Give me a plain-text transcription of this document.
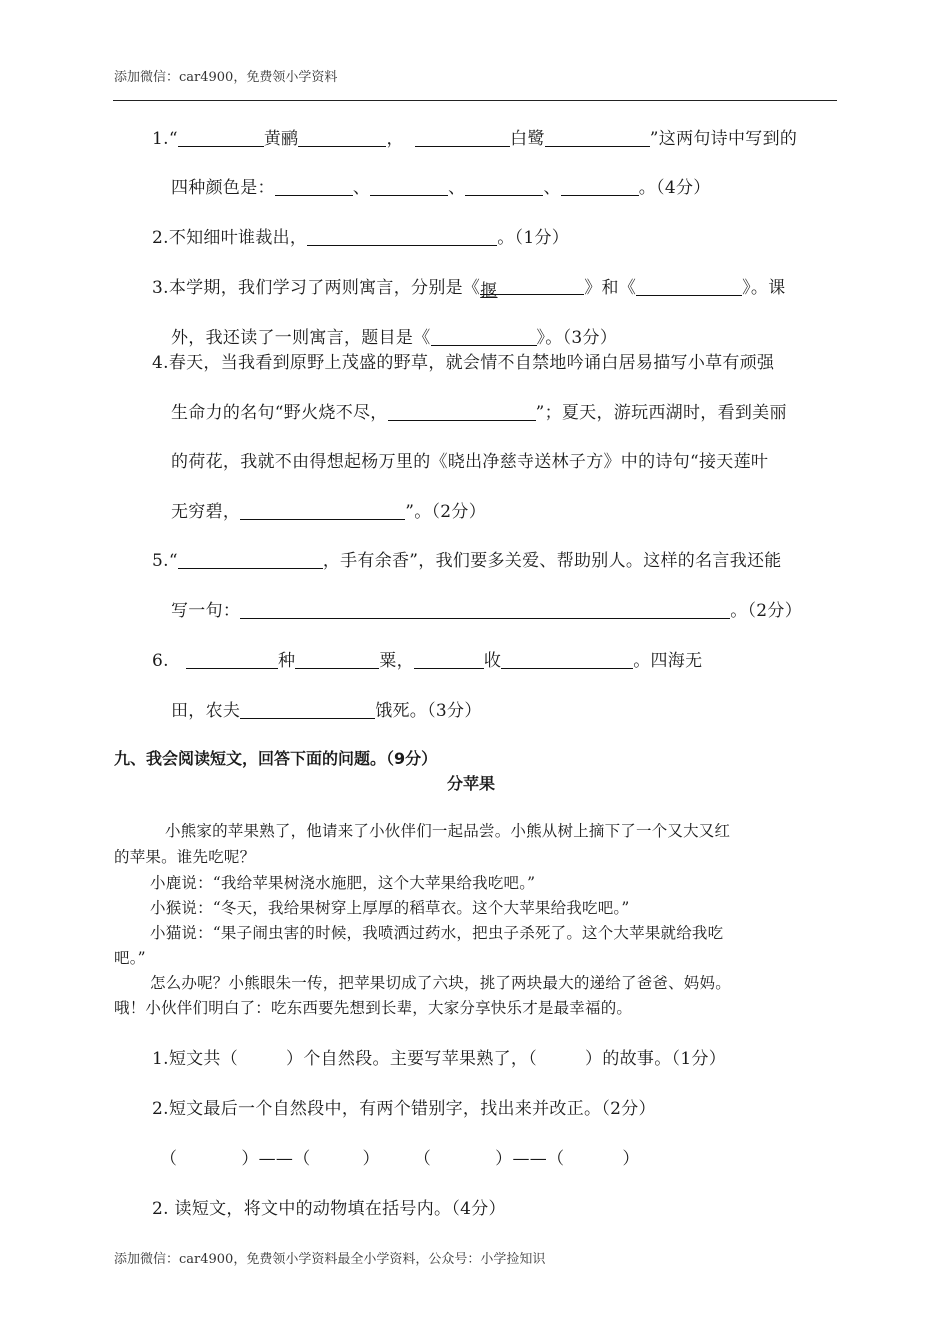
添加微信：car4900，免费领小学资料
1.“	黄鹂	，	白鹭	”这两句诗中写到的
四种颜色是：	、	、	、	。（4分）
2.不知细叶谁裁出，	。（1分）
3.本学期，我们学习了两则寓言，分别是《揠	》和《	》。课
外，我还读了一则寓言，题目是《	》。（3分）
4.春天，当我看到原野上茂盛的野草，就会情不自禁地吟诵白居易描写小草有顽强
生命力的名句“野火烧不尽，	”；夏天，游玩西湖时，看到美丽
的荷花，我就不由得想起杨万里的《晓出净慈寺送林子方》中的诗句“接天莲叶
无穷碧，	”。（2分）
5.“	，手有余香”，我们要多关爱、帮助别人。这样的名言我还能
写一句：	。（2分）
6.	种	粟，	收	。四海无
田，农夫	饿死。（3分）
九、我会阅读短文，回答下面的问题。（9分）
分苹果
小熊家的苹果熟了，他请来了小伙伴们一起品尝。小熊从树上摘下了一个又大又红
的苹果。谁先吃呢？
小鹿说：“我给苹果树浇水施肥，这个大苹果给我吃吧。”
小猴说：“冬天，我给果树穿上厚厚的稻草衣。这个大苹果给我吃吧。”
小猫说：“果子闹虫害的时候，我喷洒过药水，把虫子杀死了。这个大苹果就给我吃
吧。”
怎么办呢？小熊眼朱一传，把苹果切成了六块，挑了两块最大的递给了爸爸、妈妈。
哦！小伙伴们明白了：吃东西要先想到长辈，大家分享快乐才是最幸福的。
1.短文共（	）个自然段。主要写苹果熟了，（	）的故事。（1分）
2.短文最后一个自然段中，有两个错别字，找出来并改正。（2分）
（	）——（	） （	）——（	）
2. 读短文，将文中的动物填在括号内。（4分）
添加微信：car4900，免费领小学资料最全小学资料，公众号：小学捡知识
